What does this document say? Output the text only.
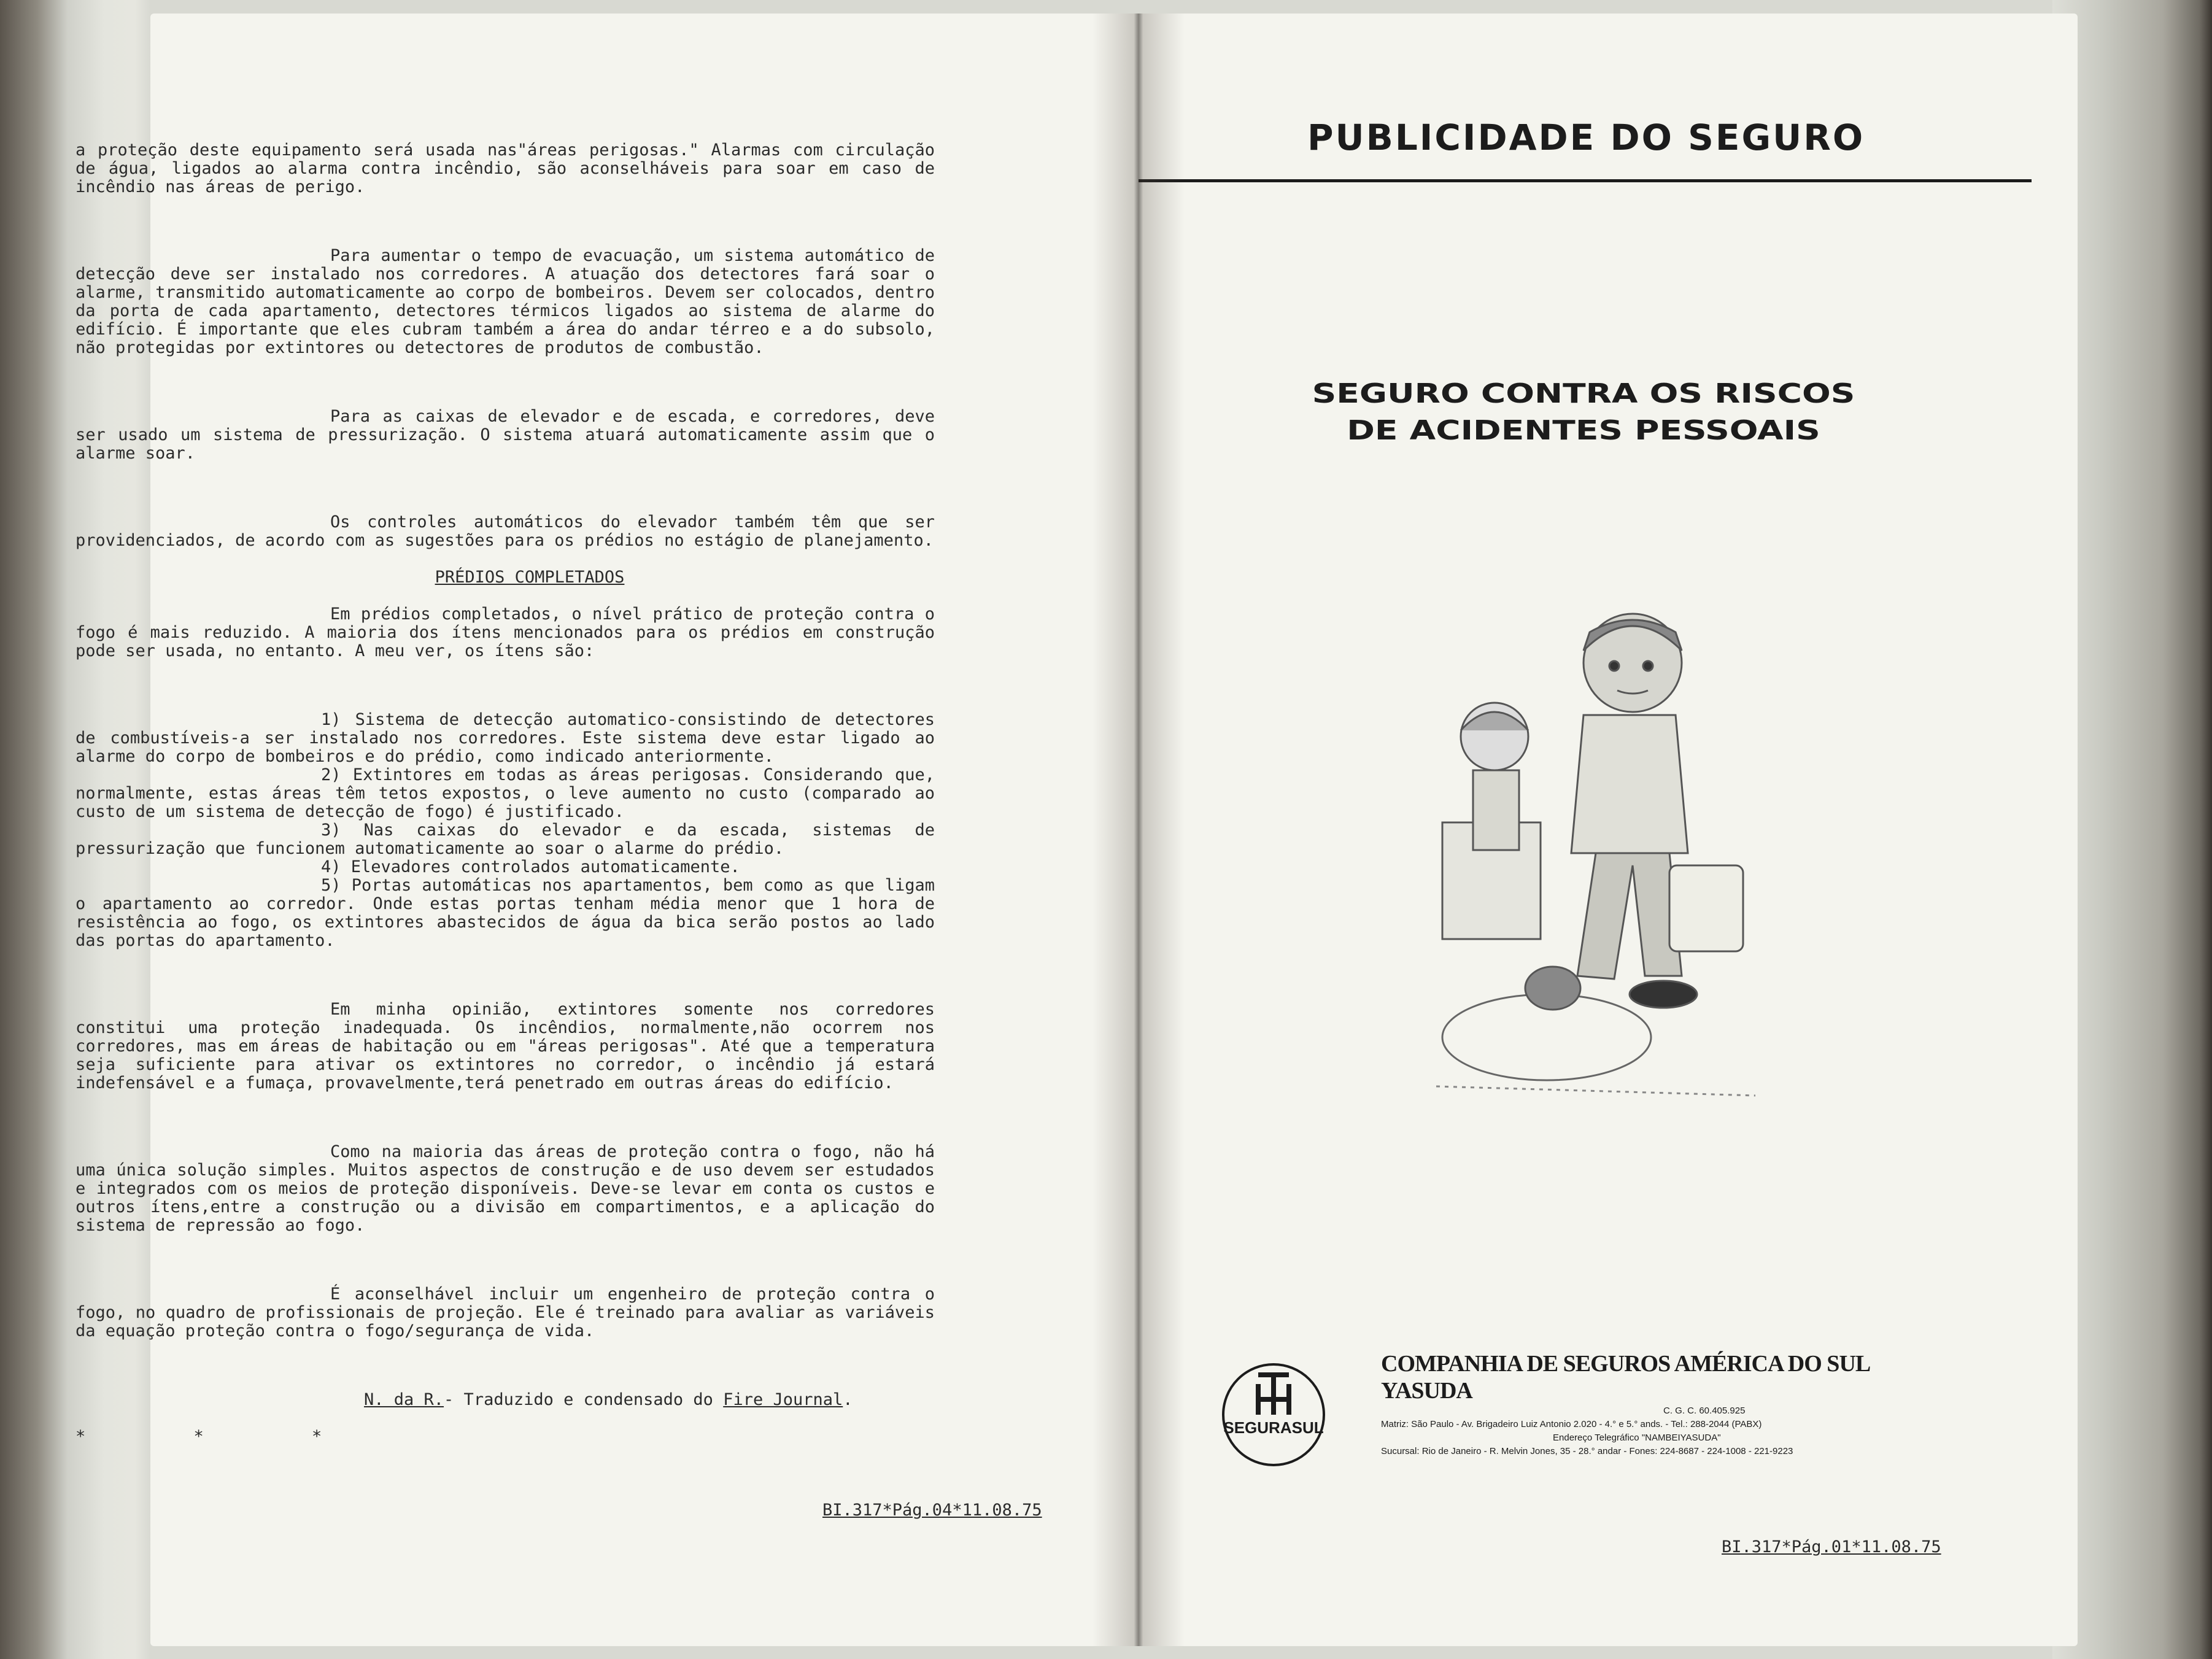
a proteção deste equipamento será usada nas"áreas perigosas." Alarmas com circulação de água, ligados ao alarma contra incêndio, são aconselháveis para soar em caso de incêndio nas áreas de perigo.

Para aumentar o tempo de evacuação, um sistema automático de detecção deve ser instalado nos corredores. A atuação dos detectores fará soar o alarme, transmitido automaticamente ao corpo de bombeiros. Devem ser colocados, dentro da porta de cada apartamento, detectores térmicos ligados ao sistema de alarme do edifício. É importante que eles cubram também a área do andar térreo e a do subsolo, não protegidas por extintores ou detectores de produtos de combustão.

Para as caixas de elevador e de escada, e corredores, deve ser usado um sistema de pressurização. O sistema atuará automaticamente assim que o alarme soar.

Os controles automáticos do elevador também têm que ser providenciados, de acordo com as sugestões para os prédios no estágio de planejamento.

PRÉDIOS COMPLETADOS

Em prédios completados, o nível prático de proteção contra o fogo é mais reduzido. A maioria dos ítens mencionados para os prédios em construção pode ser usada, no entanto. A meu ver, os ítens são:

1) Sistema de detecção automatico-consistindo de detectores de combustíveis-a ser instalado nos corredores. Este sistema deve estar ligado ao alarme do corpo de bombeiros e do prédio, como indicado anteriormente.

2) Extintores em todas as áreas perigosas. Considerando que, normalmente, estas áreas têm tetos expostos, o leve aumento no custo (comparado ao custo de um sistema de detecção de fogo) é justificado.

3) Nas caixas do elevador e da escada, sistemas de pressurização que funcionem automaticamente ao soar o alarme do prédio.

4) Elevadores controlados automaticamente.

5) Portas automáticas nos apartamentos, bem como as que ligam o apartamento ao corredor. Onde estas portas tenham média menor que 1 hora de resistência ao fogo, os extintores abastecidos de água da bica serão postos ao lado das portas do apartamento.

Em minha opinião, extintores somente nos corredores constitui uma proteção inadequada. Os incêndios, normalmente,não ocorrem nos corredores, mas em áreas de habitação ou em "áreas perigosas". Até que a temperatura seja suficiente para ativar os extintores no corredor, o incêndio já estará indefensável e a fumaça, provavelmente,terá penetrado em outras áreas do edifício.

Como na maioria das áreas de proteção contra o fogo, não há uma única solução simples. Muitos aspectos de construção e de uso devem ser estudados e integrados com os meios de proteção disponíveis. Deve-se levar em conta os custos e outros ítens,entre a construção ou a divisão em compartimentos, e a aplicação do sistema de repressão ao fogo.

É aconselhável incluir um engenheiro de proteção contra o fogo, no quadro de profissionais de projeção. Ele é treinado para avaliar as variáveis da equação proteção contra o fogo/segurança de vida.

N. da R.- Traduzido e condensado do Fire Journal.

* * *

BI.317*Pág.04*11.08.75
PUBLICIDADE DO SEGURO
SEGURO CONTRA OS RISCOS
DE ACIDENTES PESSOAIS
SEGURASUL
COMPANHIA DE SEGUROS AMÉRICA DO SUL YASUDA
C. G. C. 60.405.925
Matriz: São Paulo - Av. Brigadeiro Luiz Antonio 2.020 - 4.° e 5.° ands. - Tel.: 288-2044 (PABX)
Endereço Telegráfico "NAMBEIYASUDA"
Sucursal: Rio de Janeiro - R. Melvin Jones, 35 - 28.° andar - Fones: 224-8687 - 224-1008 - 221-9223
BI.317*Pág.01*11.08.75
